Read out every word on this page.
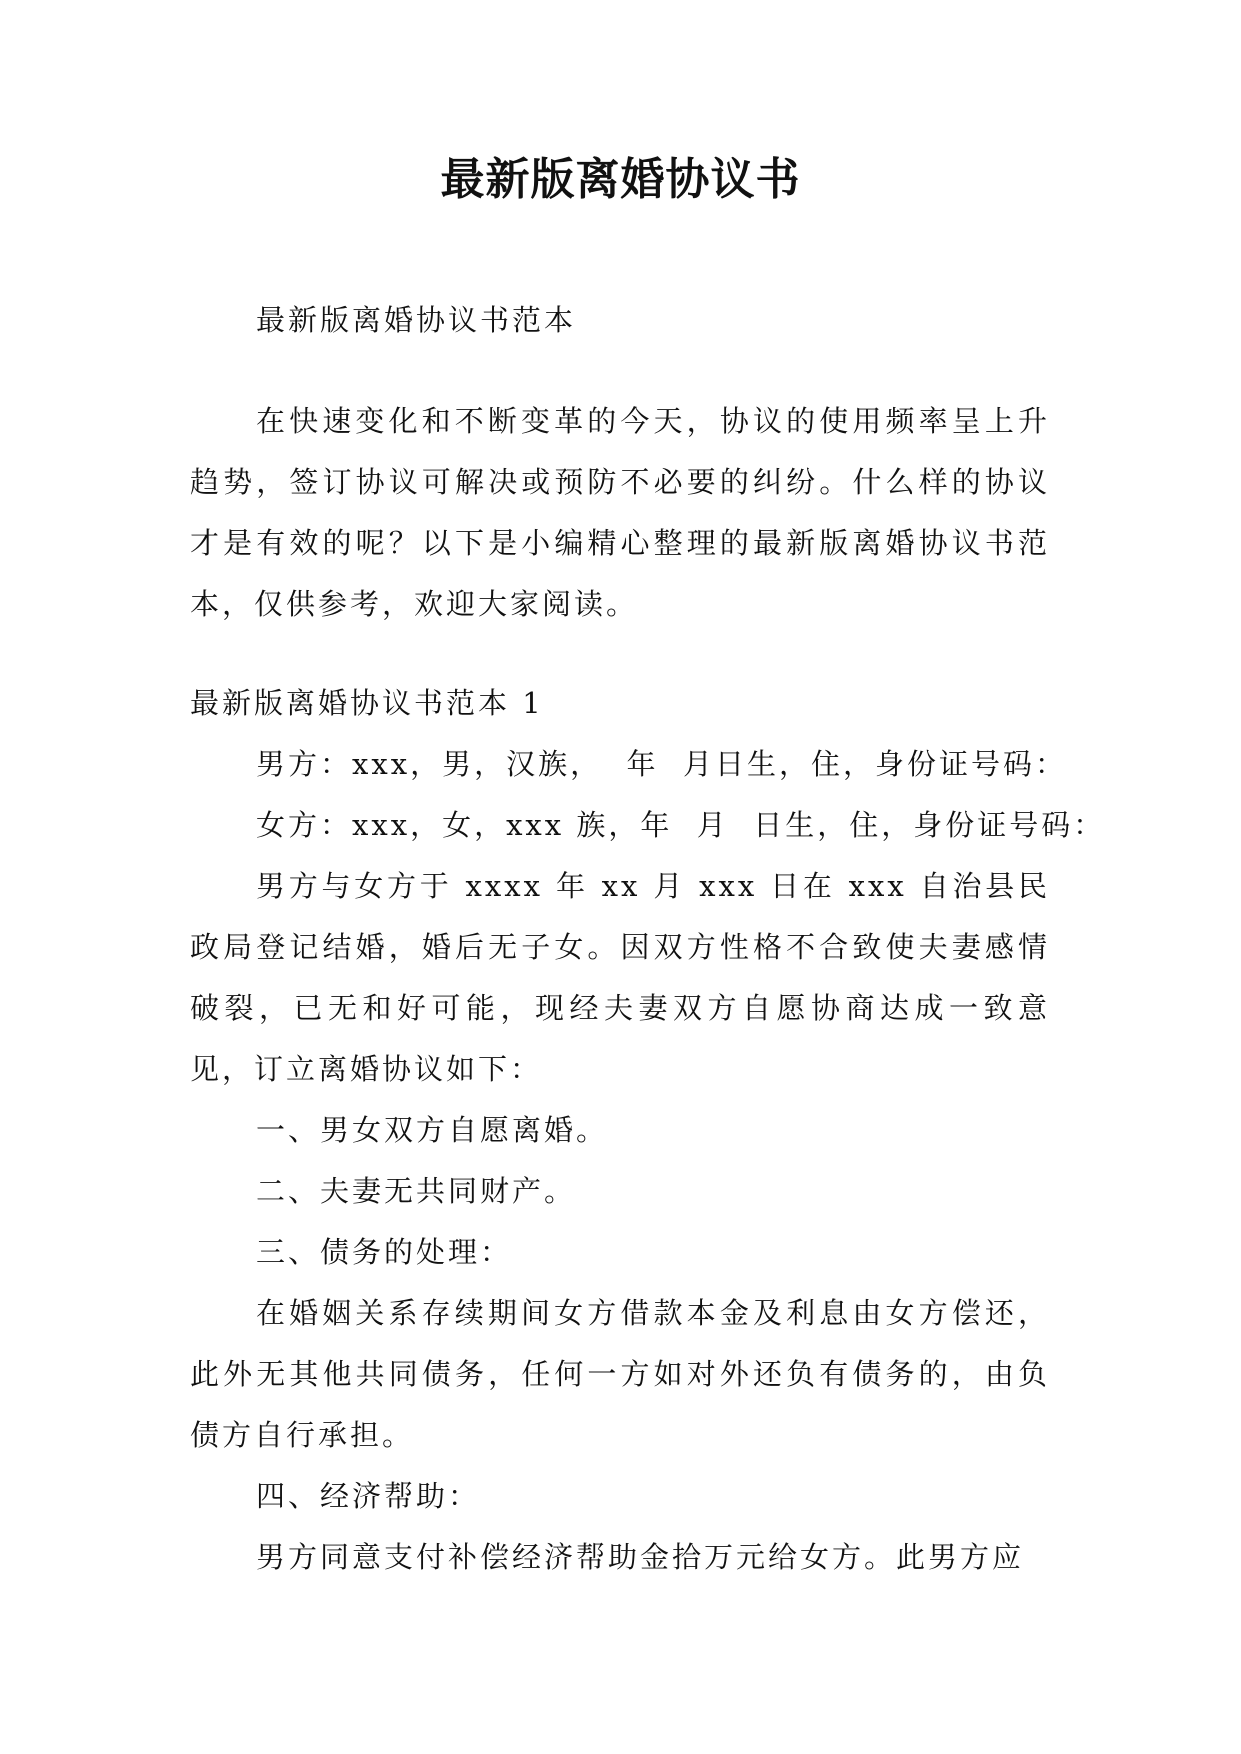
最新版离婚协议书

最新版离婚协议书范本

在快速变化和不断变革的今天，协议的使用频率呈上升趋势，签订协议可解决或预防不必要的纠纷。什么样的协议才是有效的呢？以下是小编精心整理的最新版离婚协议书范本，仅供参考，欢迎大家阅读。

最新版离婚协议书范本 1

男方：xxx，男，汉族，  年  月日生，住，身份证号码：

女方：xxx，女，xxx 族，年  月  日生，住，身份证号码：

男方与女方于 xxxx 年 xx 月 xxx 日在 xxx 自治县民政局登记结婚，婚后无子女。因双方性格不合致使夫妻感情破裂，已无和好可能，现经夫妻双方自愿协商达成一致意见，订立离婚协议如下：

一、男女双方自愿离婚。

二、夫妻无共同财产。

三、债务的处理：

在婚姻关系存续期间女方借款本金及利息由女方偿还，此外无其他共同债务，任何一方如对外还负有债务的，由负债方自行承担。

四、经济帮助：

男方同意支付补偿经济帮助金拾万元给女方。此男方应
